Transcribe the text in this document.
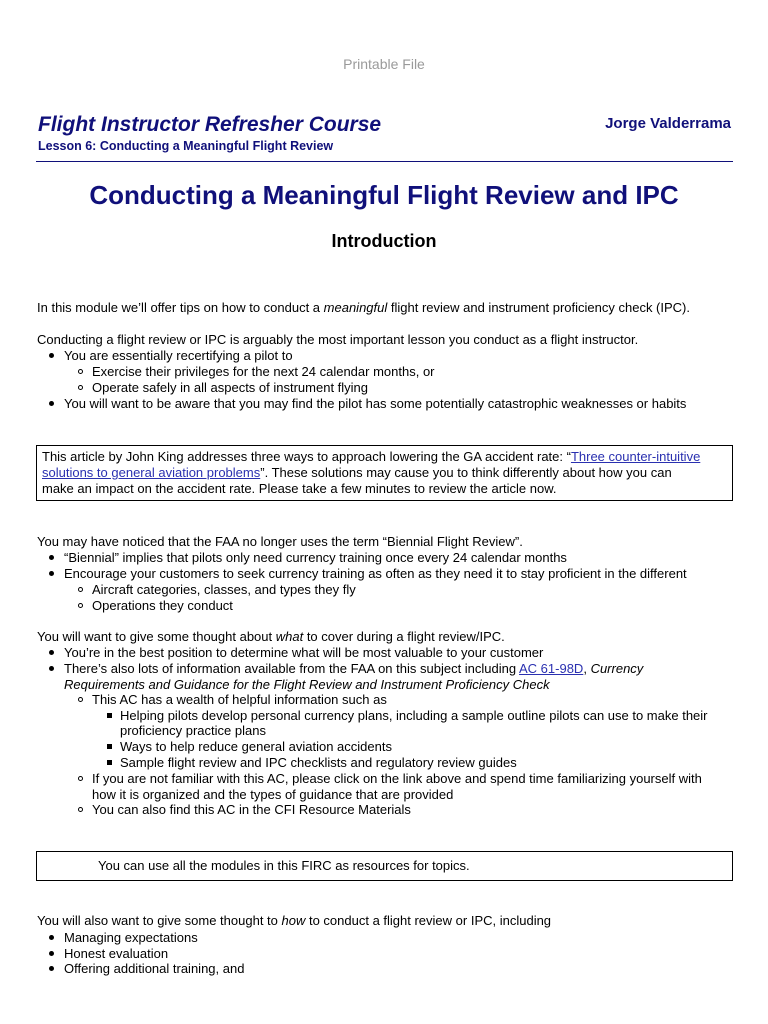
Printable File
Flight Instructor Refresher Course	Jorge Valderrama
Lesson 6: Conducting a Meaningful Flight Review
Conducting a Meaningful Flight Review and IPC
Introduction
In this module we’ll offer tips on how to conduct a meaningful flight review and instrument proficiency check (IPC).
Conducting a flight review or IPC is arguably the most important lesson you conduct as a flight instructor.
You are essentially recertifying a pilot to
Exercise their privileges for the next 24 calendar months, or
Operate safely in all aspects of instrument flying
You will want to be aware that you may find the pilot has some potentially catastrophic weaknesses or habits
This article by John King addresses three ways to approach lowering the GA accident rate: “Three counter-intuitive
solutions to general aviation problems”. These solutions may cause you to think differently about how you can
make an impact on the accident rate. Please take a few minutes to review the article now.
You may have noticed that the FAA no longer uses the term “Biennial Flight Review”.
“Biennial” implies that pilots only need currency training once every 24 calendar months
Encourage your customers to seek currency training as often as they need it to stay proficient in the different
Aircraft categories, classes, and types they fly
Operations they conduct
You will want to give some thought about what to cover during a flight review/IPC.
You’re in the best position to determine what will be most valuable to your customer
There’s also lots of information available from the FAA on this subject including AC 61-98D, Currency
Requirements and Guidance for the Flight Review and Instrument Proficiency Check
This AC has a wealth of helpful information such as
Helping pilots develop personal currency plans, including a sample outline pilots can use to make their
proficiency practice plans
Ways to help reduce general aviation accidents
Sample flight review and IPC checklists and regulatory review guides
If you are not familiar with this AC, please click on the link above and spend time familiarizing yourself with
how it is organized and the types of guidance that are provided
You can also find this AC in the CFI Resource Materials
You can use all the modules in this FIRC as resources for topics.
You will also want to give some thought to how to conduct a flight review or IPC, including
Managing expectations
Honest evaluation
Offering additional training, and
